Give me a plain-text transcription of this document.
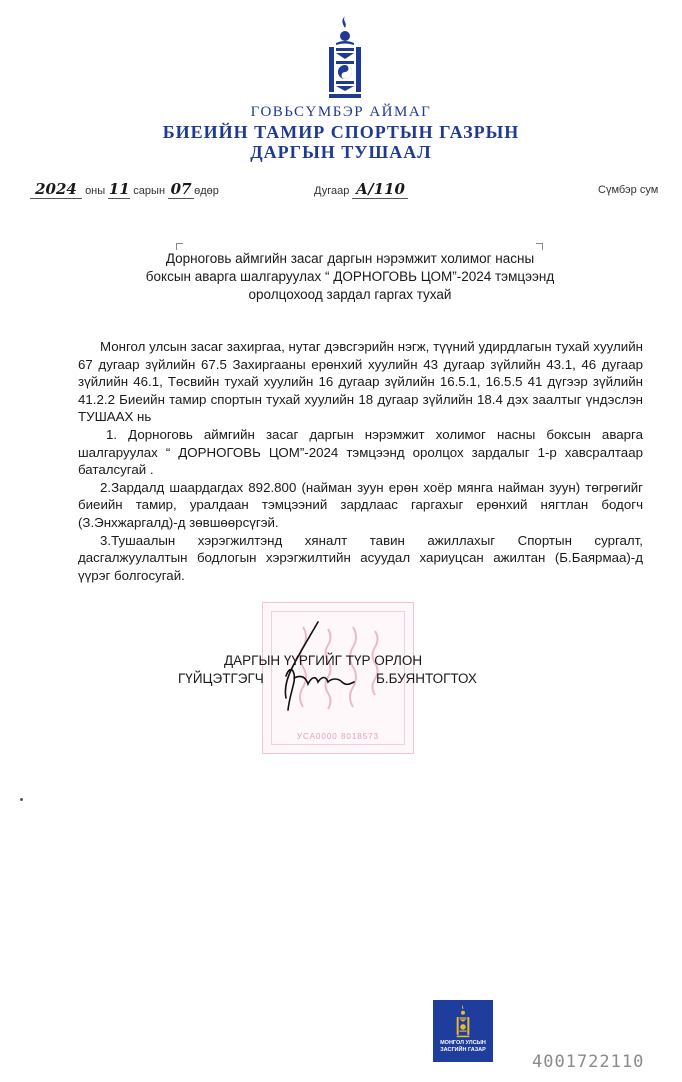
ГОВЬСҮМБЭР АЙМАГ
БИЕИЙН ТАМИР СПОРТЫН ГАЗРЫН
ДАРГЫН ТУШААЛ
2024 оны 11 сарын 07 өдөр	Дугаар А/110	Сүмбэр сум
Дорноговь аймгийн засаг даргын нэрэмжит холимог насны
боксын аварга шалгаруулах “ ДОРНОГОВЬ ЦОМ”-2024 тэмцээнд
оролцохоод зардал гаргах тухай

Монгол улсын засаг захиргаа, нутаг дэвсгэрийн нэгж, түүний удирдлагын тухай хуулийн 67 дугаар зүйлийн 67.5 Захиргааны ерөнхий хуулийн 43 дугаар зүйлийн 43.1, 46 дугаар зүйлийн 46.1, Төсвийн тухай хуулийн 16 дугаар зүйлийн 16.5.1, 16.5.5 41 дүгээр зүйлийн 41.2.2 Биеийн тамир спортын тухай хуулийн 18 дугаар зүйлийн 18.4 дэх заалтыг үндэслэн ТУШААХ нь

1. Дорноговь аймгийн засаг даргын нэрэмжит холимог насны боксын аварга шалгаруулах “ ДОРНОГОВЬ ЦОМ”-2024 тэмцээнд оролцох зардалыг 1-р хавсралтаар баталсугай .

2.Зардалд шаардагдах 892.800 (найман зуун ерөн хоёр мянга найман зуун) төгрөгийг биеийн тамир, уралдаан тэмцээний зардлаас гаргахыг ерөнхий нягтлан бодогч (З.Энхжаргалд)-д зөвшөөрсүгэй.

3.Тушаалын хэрэгжилтэнд хяналт тавин ажиллахыг Спортын сургалт, дасгалжуулалтын бодлогын хэрэгжилтийн асуудал хариуцсан ажилтан (Б.Баярмаа)-д үүрэг болгосугай.

УСА0000 8018573
ДАРГЫН ҮҮРГИЙГ ТҮР ОРЛОН
ГҮЙЦЭТГЭГЧ	Б.БУЯНТОГТОХ
МОНГОЛ УЛСЫН
ЗАСГИЙН ГАЗАР
4001722110
